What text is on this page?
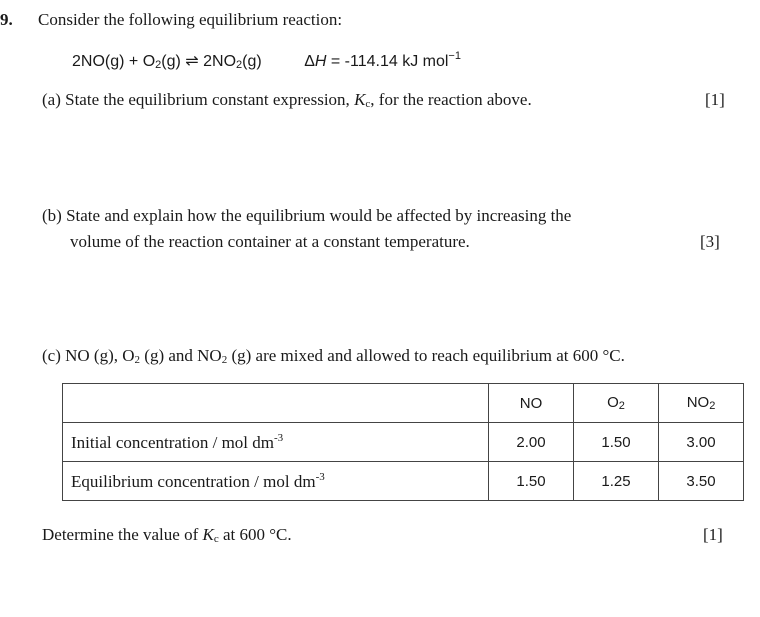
9. Consider the following equilibrium reaction:
2NO(g) + O2(g) ⇌ 2NO2(g)	ΔH = -114.14 kJ mol$^{-1}$
(a) State the equilibrium constant expression, Kc, for the reaction above.	[1]
(b) State and explain how the equilibrium would be affected by increasing the
volume of the reaction container at a constant temperature.	[3]
(c) NO (g), O2 (g) and NO2 (g) are mixed and allowed to reach equilibrium at 600 °C.
	NO	O2	NO2
Initial concentration / mol $dm^{-3}$	2.00	1.50	3.00
Equilibrium concentration / mol $dm^{-3}$	1.50	1.25	3.50
Determine the value of Kc at 600 °C.	[1]
